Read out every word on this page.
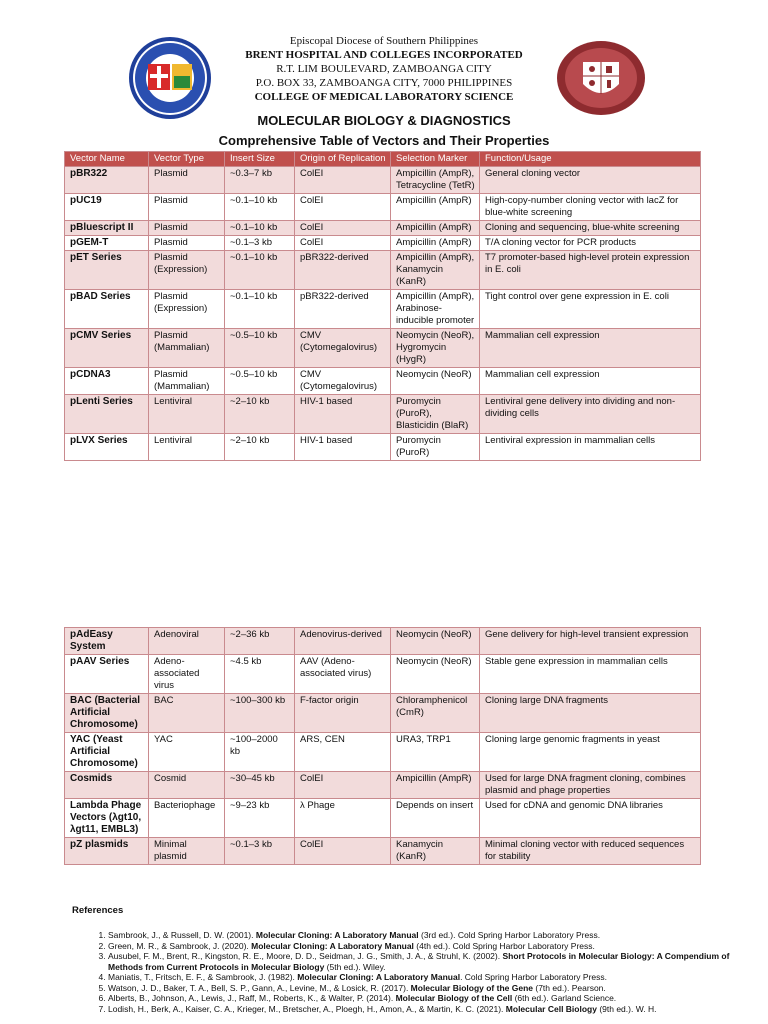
Episcopal Diocese of Southern Philippines
BRENT HOSPITAL AND COLLEGES INCORPORATED
R.T. LIM BOULEVARD, ZAMBOANGA CITY
P.O. BOX 33, ZAMBOANGA CITY, 7000 PHILIPPINES
COLLEGE OF MEDICAL LABORATORY SCIENCE
MOLECULAR BIOLOGY & DIAGNOSTICS
Comprehensive Table of Vectors and Their Properties
Vector Name	Vector Type	Insert Size	Origin of Replication	Selection Marker	Function/Usage
pBR322	Plasmid	~0.3–7 kb	ColEI	Ampicillin (AmpR), Tetracycline (TetR)	General cloning vector
pUC19	Plasmid	~0.1–10 kb	ColEI	Ampicillin (AmpR)	High-copy-number cloning vector with lacZ for blue-white screening
pBluescript II	Plasmid	~0.1–10 kb	ColEI	Ampicillin (AmpR)	Cloning and sequencing, blue-white screening
pGEM-T	Plasmid	~0.1–3 kb	ColEI	Ampicillin (AmpR)	T/A cloning vector for PCR products
pET Series	Plasmid (Expression)	~0.1–10 kb	pBR322-derived	Ampicillin (AmpR), Kanamycin (KanR)	T7 promoter-based high-level protein expression in E. coli
pBAD Series	Plasmid (Expression)	~0.1–10 kb	pBR322-derived	Ampicillin (AmpR), Arabinose-inducible promoter	Tight control over gene expression in E. coli
pCMV Series	Plasmid (Mammalian)	~0.5–10 kb	CMV (Cytomegalovirus)	Neomycin (NeoR), Hygromycin (HygR)	Mammalian cell expression
pCDNA3	Plasmid (Mammalian)	~0.5–10 kb	CMV (Cytomegalovirus)	Neomycin (NeoR)	Mammalian cell expression
pLenti Series	Lentiviral	~2–10 kb	HIV-1 based	Puromycin (PuroR), Blasticidin (BlaR)	Lentiviral gene delivery into dividing and non-dividing cells
pLVX Series	Lentiviral	~2–10 kb	HIV-1 based	Puromycin (PuroR)	Lentiviral expression in mammalian cells
pAdEasy System	Adenoviral	~2–36 kb	Adenovirus-derived	Neomycin (NeoR)	Gene delivery for high-level transient expression
pAAV Series	Adeno-associated virus	~4.5 kb	AAV (Adeno-associated virus)	Neomycin (NeoR)	Stable gene expression in mammalian cells
BAC (Bacterial Artificial Chromosome)	BAC	~100–300 kb	F-factor origin	Chloramphenicol (CmR)	Cloning large DNA fragments
YAC (Yeast Artificial Chromosome)	YAC	~100–2000 kb	ARS, CEN	URA3, TRP1	Cloning large genomic fragments in yeast
Cosmids	Cosmid	~30–45 kb	ColEI	Ampicillin (AmpR)	Used for large DNA fragment cloning, combines plasmid and phage properties
Lambda Phage Vectors (λgt10, λgt11, EMBL3)	Bacteriophage	~9–23 kb	λ Phage	Depends on insert	Used for cDNA and genomic DNA libraries
pZ plasmids	Minimal plasmid	~0.1–3 kb	ColEI	Kanamycin (KanR)	Minimal cloning vector with reduced sequences for stability
References
1. Sambrook, J., & Russell, D. W. (2001). Molecular Cloning: A Laboratory Manual (3rd ed.). Cold Spring Harbor Laboratory Press.
2. Green, M. R., & Sambrook, J. (2020). Molecular Cloning: A Laboratory Manual (4th ed.). Cold Spring Harbor Laboratory Press.
3. Ausubel, F. M., Brent, R., Kingston, R. E., Moore, D. D., Seidman, J. G., Smith, J. A., & Struhl, K. (2002). Short Protocols in Molecular Biology: A Compendium of Methods from Current Protocols in Molecular Biology (5th ed.). Wiley.
4. Maniatis, T., Fritsch, E. F., & Sambrook, J. (1982). Molecular Cloning: A Laboratory Manual. Cold Spring Harbor Laboratory Press.
5. Watson, J. D., Baker, T. A., Bell, S. P., Gann, A., Levine, M., & Losick, R. (2017). Molecular Biology of the Gene (7th ed.). Pearson.
6. Alberts, B., Johnson, A., Lewis, J., Raff, M., Roberts, K., & Walter, P. (2014). Molecular Biology of the Cell (6th ed.). Garland Science.
7. Lodish, H., Berk, A., Kaiser, C. A., Krieger, M., Bretscher, A., Ploegh, H., Amon, A., & Martin, K. C. (2021). Molecular Cell Biology (9th ed.). W. H.
